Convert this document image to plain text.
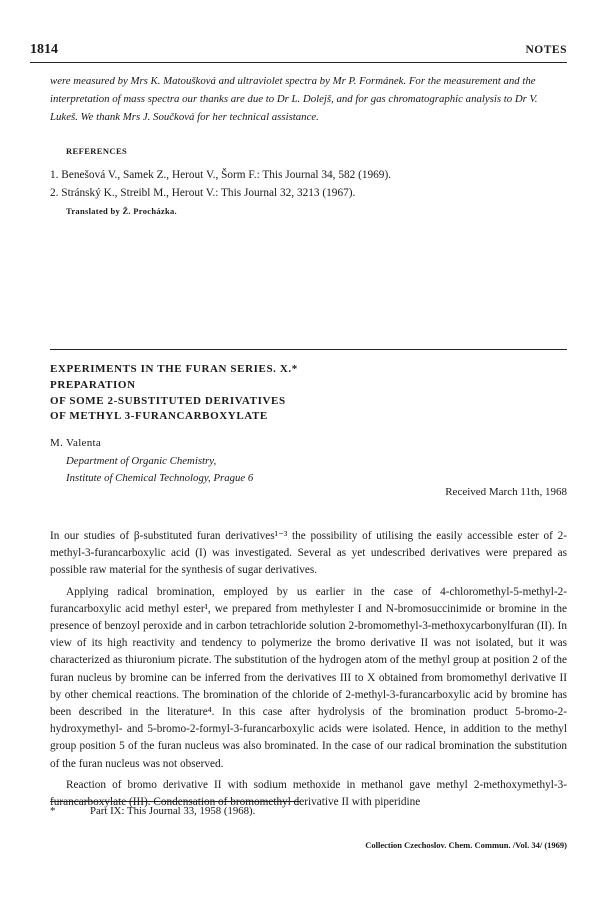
1814	NOTES

were measured by Mrs K. Matoušková and ultraviolet spectra by Mr P. Formánek. For the measurement and the interpretation of mass spectra our thanks are due to Dr L. Dolejš, and for gas chromatographic analysis to Dr V. Lukeš. We thank Mrs J. Součková for her technical assistance.

REFERENCES
1. Benešová V., Samek Z., Herout V., Šorm F.: This Journal 34, 582 (1969).
2. Stránský K., Streibl M., Herout V.: This Journal 32, 3213 (1967).
Translated by Ž. Procházka.
EXPERIMENTS IN THE FURAN SERIES. X.*
PREPARATION
OF SOME 2-SUBSTITUTED DERIVATIVES
OF METHYL 3-FURANCARBOXYLATE
M. Valenta
Department of Organic Chemistry,
Institute of Chemical Technology, Prague 6
Received March 11th, 1968

In our studies of β-substituted furan derivatives¹⁻³ the possibility of utilising the easily accessible ester of 2-methyl-3-furancarboxylic acid (I) was investigated. Several as yet undescribed derivatives were prepared as possible raw material for the synthesis of sugar derivatives.

Applying radical bromination, employed by us earlier in the case of 4-chloromethyl-5-methyl-2-furancarboxylic acid methyl ester¹, we prepared from methylester I and N-bromosuccinimide or bromine in the presence of benzoyl peroxide and in carbon tetrachloride solution 2-bromomethyl-3-methoxycarbonylfuran (II). In view of its high reactivity and tendency to polymerize the bromo derivative II was not isolated, but it was characterized as thiuronium picrate. The substitution of the hydrogen atom of the methyl group at position 2 of the furan nucleus by bromine can be inferred from the derivatives III to X obtained from bromomethyl derivative II by other chemical reactions. The bromination of the chloride of 2-methyl-3-furancarboxylic acid by bromine has been described in the literature⁴. In this case after hydrolysis of the bromination product 5-bromo-2-hydroxymethyl- and 5-bromo-2-formyl-3-furancarboxylic acids were isolated. Hence, in addition to the methyl group position 5 of the furan nucleus was also brominated. In the case of our radical bromination the substitution of the furan nucleus was not observed.

Reaction of bromo derivative II with sodium methoxide in methanol gave methyl 2-methoxymethyl-3-furancarboxylate (III). Condensation of bromomethyl derivative II with piperidine

*	Part IX: This Journal 33, 1958 (1968).
Collection Czechoslov. Chem. Commun. /Vol. 34/ (1969)
